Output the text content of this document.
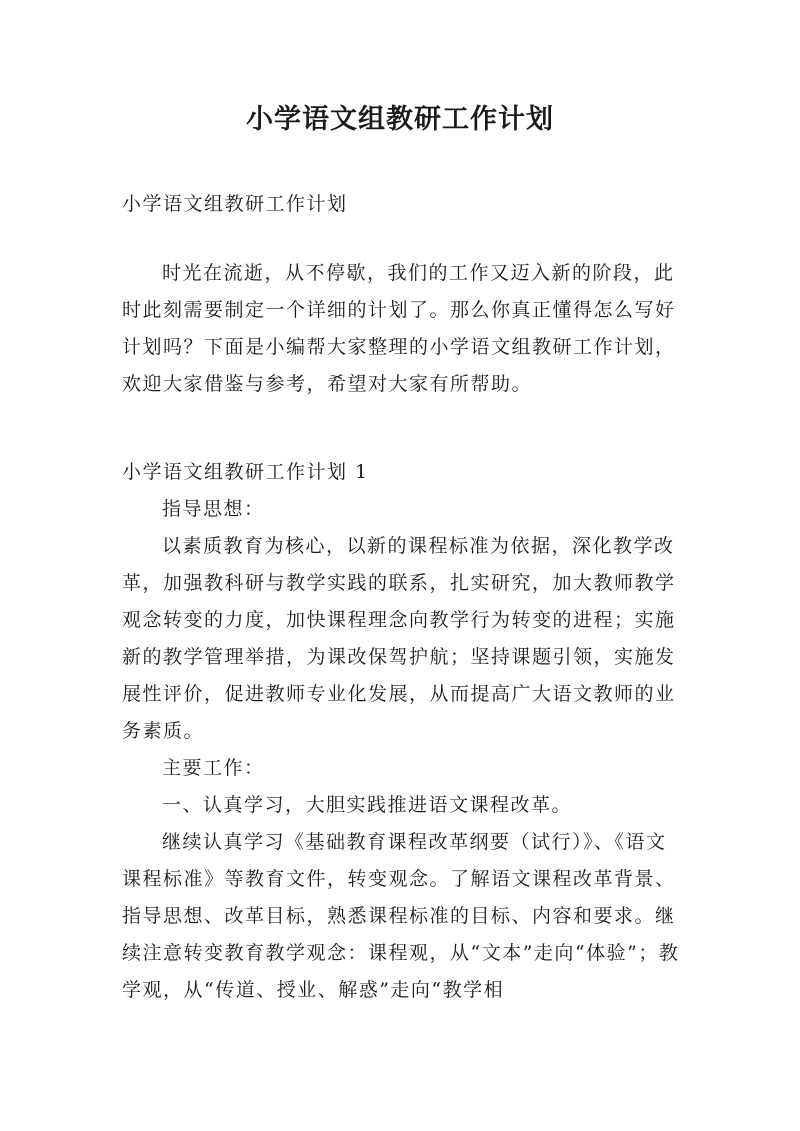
小学语文组教研工作计划

小学语文组教研工作计划

时光在流逝，从不停歇，我们的工作又迈入新的阶段，此时此刻需要制定一个详细的计划了。那么你真正懂得怎么写好计划吗？下面是小编帮大家整理的小学语文组教研工作计划，欢迎大家借鉴与参考，希望对大家有所帮助。

小学语文组教研工作计划 1

指导思想：

以素质教育为核心，以新的课程标准为依据，深化教学改革，加强教科研与教学实践的联系，扎实研究，加大教师教学观念转变的力度，加快课程理念向教学行为转变的进程；实施新的教学管理举措，为课改保驾护航；坚持课题引领，实施发展性评价，促进教师专业化发展，从而提高广大语文教师的业务素质。

主要工作：

一、认真学习，大胆实践推进语文课程改革。

继续认真学习《基础教育课程改革纲要（试行）》、《语文课程标准》等教育文件，转变观念。了解语文课程改革背景、指导思想、改革目标，熟悉课程标准的目标、内容和要求。继续注意转变教育教学观念：课程观，从“文本”走向“体验”；教学观，从“传道、授业、解惑”走向“教学相
